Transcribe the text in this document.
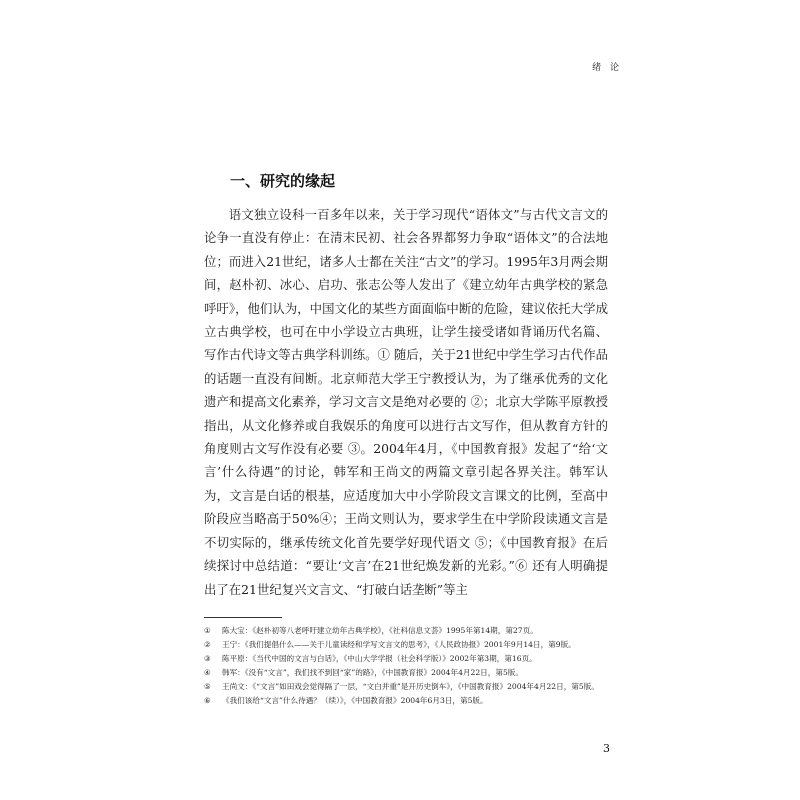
绪 论
一、研究的缘起

语文独立设科一百多年以来，关于学习现代“语体文”与古代文言文的论争一直没有停止：在清末民初、社会各界都努力争取“语体文”的合法地位；而进入21世纪，诸多人士都在关注“古文”的学习。1995年3月两会期间，赵朴初、冰心、启功、张志公等人发出了《建立幼年古典学校的紧急呼吁》，他们认为，中国文化的某些方面面临中断的危险，建议依托大学成立古典学校，也可在中小学设立古典班，让学生接受诸如背诵历代名篇、写作古代诗文等古典学科训练。① 随后，关于21世纪中学生学习古代作品的话题一直没有间断。北京师范大学王宁教授认为，为了继承优秀的文化遗产和提高文化素养，学习文言文是绝对必要的 ②；北京大学陈平原教授指出，从文化修养或自我娱乐的角度可以进行古文写作，但从教育方针的角度则古文写作没有必要 ③。2004年4月，《中国教育报》发起了“给‘文言’什么待遇”的讨论，韩军和王尚文的两篇文章引起各界关注。韩军认为，文言是白话的根基，应适度加大中小学阶段文言课文的比例，至高中阶段应当略高于50%④；王尚文则认为，要求学生在中学阶段读通文言是不切实际的，继承传统文化首先要学好现代语文 ⑤；《中国教育报》在后续探讨中总结道：“要让‘文言’在21世纪焕发新的光彩。”⑥ 还有人明确提出了在21世纪复兴文言文、“打破白话垄断”等主

①	陈大宝：《赵朴初等八老呼吁建立幼年古典学校》，《社科信息文荟》1995年第14期，第27页。
②	王宁：《我们提倡什么——关于儿童读经和学写文言文的思考》，《人民政协报》2001年9月14日，第9版。
③	陈平原：《当代中国的文言与白话》，《中山大学学报（社会科学版）》2002年第3期，第16页。
④	韩军：《没有“文言”，我们找不到回“家”的路》，《中国教育报》2004年4月22日，第5版。
⑤	王尚文：《“文言”如田戏会觉得隔了一层，“文白并重”是开历史倒车》，《中国教育报》2004年4月22日，第5版。
⑥	《我们该给“文言”什么待遇？（续）》，《中国教育报》2004年6月3日，第5版。
3
